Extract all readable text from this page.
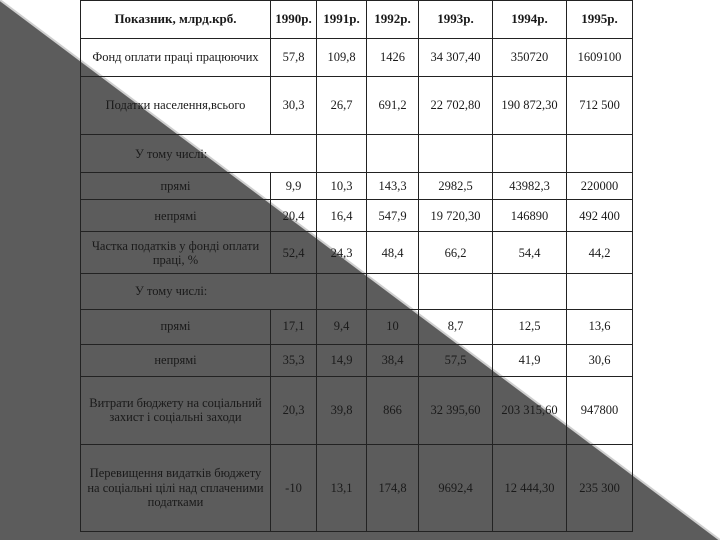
Показник, млрд.крб.	1990р.	1991р.	1992р.	1993р.	1994р.	1995р.
Фонд оплати праці працюючих	57,8	109,8	1426	34 307,40	350720	1609100
Податки населення,всього	30,3	26,7	691,2	22 702,80	190 872,30	712 500
У тому числі:						
прямі	9,9	10,3	143,3	2982,5	43982,3	220000
непрямі	20,4	16,4	547,9	19 720,30	146890	492 400
Частка податків у фонді оплати праці, %	52,4	24,3	48,4	66,2	54,4	44,2
У тому числі:						
прямі	17,1	9,4	10	8,7	12,5	13,6
непрямі	35,3	14,9	38,4	57,5	41,9	30,6
Витрати бюджету на соціальний захист і соціальні заходи	20,3	39,8	866	32 395,60	203 315,60	947800
Перевищення видатків бюджету на соціальні цілі над сплаченими податками	-10	13,1	174,8	9692,4	12 444,30	235 300
